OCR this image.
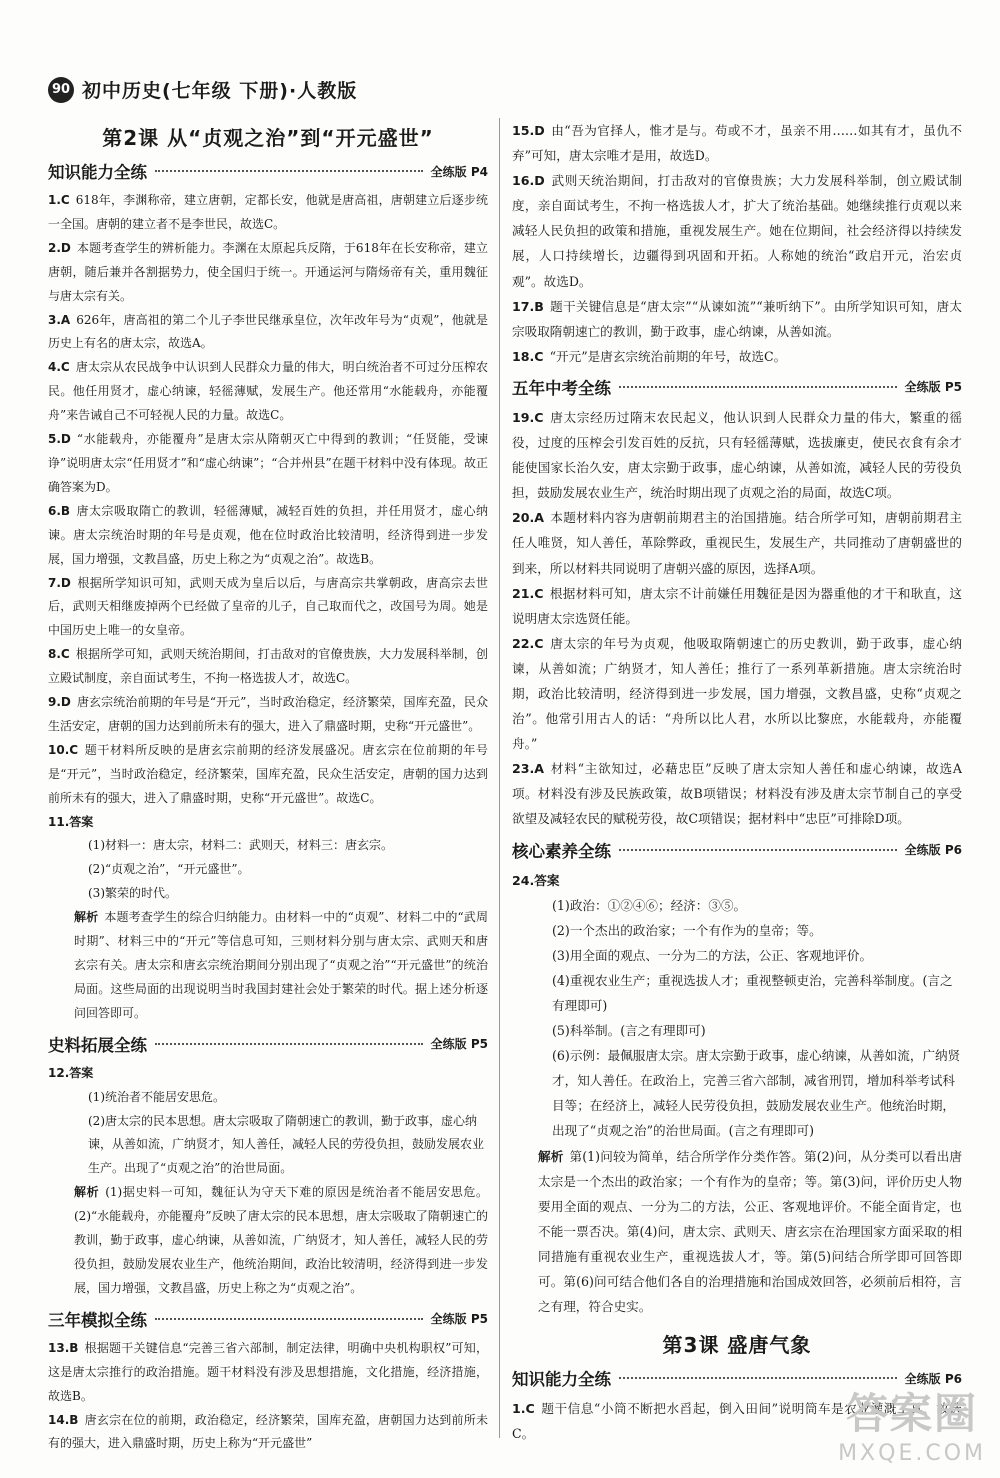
90 初中历史(七年级 下册)·人教版
第2课 从“贞观之治”到“开元盛世”
知识能力全练	全练版 P4

1.C 618年，李渊称帝，建立唐朝，定都长安，他就是唐高祖，唐朝建立后逐步统一全国。唐朝的建立者不是李世民，故选C。

2.D 本题考查学生的辨析能力。李渊在太原起兵反隋，于618年在长安称帝，建立唐朝，随后兼并各割据势力，使全国归于统一。开通运河与隋炀帝有关，重用魏征与唐太宗有关。

3.A 626年，唐高祖的第二个儿子李世民继承皇位，次年改年号为“贞观”，他就是历史上有名的唐太宗，故选A。

4.C 唐太宗从农民战争中认识到人民群众力量的伟大，明白统治者不可过分压榨农民。他任用贤才，虚心纳谏，轻徭薄赋，发展生产。他还常用“水能载舟，亦能覆舟”来告诫自己不可轻视人民的力量。故选C。

5.D “水能载舟，亦能覆舟”是唐太宗从隋朝灭亡中得到的教训；“任贤能，受谏诤”说明唐太宗“任用贤才”和“虚心纳谏”；“合并州县”在题干材料中没有体现。故正确答案为D。

6.B 唐太宗吸取隋亡的教训，轻徭薄赋，减轻百姓的负担，并任用贤才，虚心纳谏。唐太宗统治时期的年号是贞观，他在位时政治比较清明，经济得到进一步发展，国力增强，文教昌盛，历史上称之为“贞观之治”。故选B。

7.D 根据所学知识可知，武则天成为皇后以后，与唐高宗共掌朝政，唐高宗去世后，武则天相继废掉两个已经做了皇帝的儿子，自己取而代之，改国号为周。她是中国历史上唯一的女皇帝。

8.C 根据所学可知，武则天统治期间，打击敌对的官僚贵族，大力发展科举制，创立殿试制度，亲自面试考生，不拘一格选拔人才，故选C。

9.D 唐玄宗统治前期的年号是“开元”，当时政治稳定，经济繁荣，国库充盈，民众生活安定，唐朝的国力达到前所未有的强大，进入了鼎盛时期，史称“开元盛世”。

10.C 题干材料所反映的是唐玄宗前期的经济发展盛况。唐玄宗在位前期的年号是“开元”，当时政治稳定，经济繁荣，国库充盈，民众生活安定，唐朝的国力达到前所未有的强大，进入了鼎盛时期，史称“开元盛世”。故选C。

11.答案

(1)材料一：唐太宗，材料二：武则天，材料三：唐玄宗。

(2)“贞观之治”，“开元盛世”。

(3)繁荣的时代。

解析 本题考查学生的综合归纳能力。由材料一中的“贞观”、材料二中的“武周时期”、材料三中的“开元”等信息可知，三则材料分别与唐太宗、武则天和唐玄宗有关。唐太宗和唐玄宗统治期间分别出现了“贞观之治”“开元盛世”的统治局面。这些局面的出现说明当时我国封建社会处于繁荣的时代。据上述分析逐问回答即可。

史料拓展全练	全练版 P5

12.答案

(1)统治者不能居安思危。

(2)唐太宗的民本思想。唐太宗吸取了隋朝速亡的教训，勤于政事，虚心纳谏，从善如流，广纳贤才，知人善任，减轻人民的劳役负担，鼓励发展农业生产。出现了“贞观之治”的治世局面。

解析 (1)据史料一可知，魏征认为守天下难的原因是统治者不能居安思危。(2)“水能载舟，亦能覆舟”反映了唐太宗的民本思想，唐太宗吸取了隋朝速亡的教训，勤于政事，虚心纳谏，从善如流，广纳贤才，知人善任，减轻人民的劳役负担，鼓励发展农业生产，他统治期间，政治比较清明，经济得到进一步发展，国力增强，文教昌盛，历史上称之为“贞观之治”。

三年模拟全练	全练版 P5

13.B 根据题干关键信息“完善三省六部制，制定法律，明确中央机构职权”可知，这是唐太宗推行的政治措施。题干材料没有涉及思想措施，文化措施，经济措施，故选B。

14.B 唐玄宗在位的前期，政治稳定，经济繁荣，国库充盈，唐朝国力达到前所未有的强大，进入鼎盛时期，历史上称为“开元盛世”

15.D 由“吾为官择人，惟才是与。苟或不才，虽亲不用……如其有才，虽仇不弃”可知，唐太宗唯才是用，故选D。

16.D 武则天统治期间，打击敌对的官僚贵族；大力发展科举制，创立殿试制度，亲自面试考生，不拘一格选拔人才，扩大了统治基础。她继续推行贞观以来减轻人民负担的政策和措施，重视发展生产。她在位期间，社会经济得以持续发展，人口持续增长，边疆得到巩固和开拓。人称她的统治“政启开元，治宏贞观”。故选D。

17.B 题干关键信息是“唐太宗”“从谏如流”“兼听纳下”。由所学知识可知，唐太宗吸取隋朝速亡的教训，勤于政事，虚心纳谏，从善如流。

18.C “开元”是唐玄宗统治前期的年号，故选C。

五年中考全练	全练版 P5

19.C 唐太宗经历过隋末农民起义，他认识到人民群众力量的伟大，繁重的徭役，过度的压榨会引发百姓的反抗，只有轻徭薄赋，选拔廉吏，使民衣食有余才能使国家长治久安，唐太宗勤于政事，虚心纳谏，从善如流，减轻人民的劳役负担，鼓励发展农业生产，统治时期出现了贞观之治的局面，故选C项。

20.A 本题材料内容为唐朝前期君主的治国措施。结合所学可知，唐朝前期君主任人唯贤，知人善任，革除弊政，重视民生，发展生产，共同推动了唐朝盛世的到来，所以材料共同说明了唐朝兴盛的原因，选择A项。

21.C 根据材料可知，唐太宗不计前嫌任用魏征是因为器重他的才干和耿直，这说明唐太宗选贤任能。

22.C 唐太宗的年号为贞观，他吸取隋朝速亡的历史教训，勤于政事，虚心纳谏，从善如流；广纳贤才，知人善任；推行了一系列革新措施。唐太宗统治时期，政治比较清明，经济得到进一步发展，国力增强，文教昌盛，史称“贞观之治”。他常引用古人的话：“舟所以比人君，水所以比黎庶，水能载舟，亦能覆舟。”

23.A 材料“主欲知过，必藉忠臣”反映了唐太宗知人善任和虚心纳谏，故选A项。材料没有涉及民族政策，故B项错误；材料没有涉及唐太宗节制自己的享受欲望及减轻农民的赋税劳役，故C项错误；据材料中“忠臣”可排除D项。

核心素养全练	全练版 P6

24.答案

(1)政治：①②④⑥；经济：③⑤。

(2)一个杰出的政治家；一个有作为的皇帝；等。

(3)用全面的观点、一分为二的方法，公正、客观地评价。

(4)重视农业生产；重视选拔人才；重视整顿吏治，完善科举制度。(言之有理即可)

(5)科举制。(言之有理即可)

(6)示例：最佩服唐太宗。唐太宗勤于政事，虚心纳谏，从善如流，广纳贤才，知人善任。在政治上，完善三省六部制，减省刑罚，增加科举考试科目等；在经济上，减轻人民劳役负担，鼓励发展农业生产。他统治时期，出现了“贞观之治”的治世局面。(言之有理即可)

解析 第(1)问较为简单，结合所学作分类作答。第(2)问，从分类可以看出唐太宗是一个杰出的政治家；一个有作为的皇帝；等。第(3)问，评价历史人物要用全面的观点、一分为二的方法，公正、客观地评价。不能全面肯定，也不能一票否决。第(4)问，唐太宗、武则天、唐玄宗在治理国家方面采取的相同措施有重视农业生产，重视选拔人才，等。第(5)问结合所学即可回答即可。第(6)问可结合他们各自的治理措施和治国成效回答，必须前后相符，言之有理，符合史实。

第3课 盛唐气象
知识能力全练	全练版 P6

1.C 题干信息“小筒不断把水舀起，倒入田间”说明筒车是农业灌溉工具，故选C。	答案圈
MXQE.COM
